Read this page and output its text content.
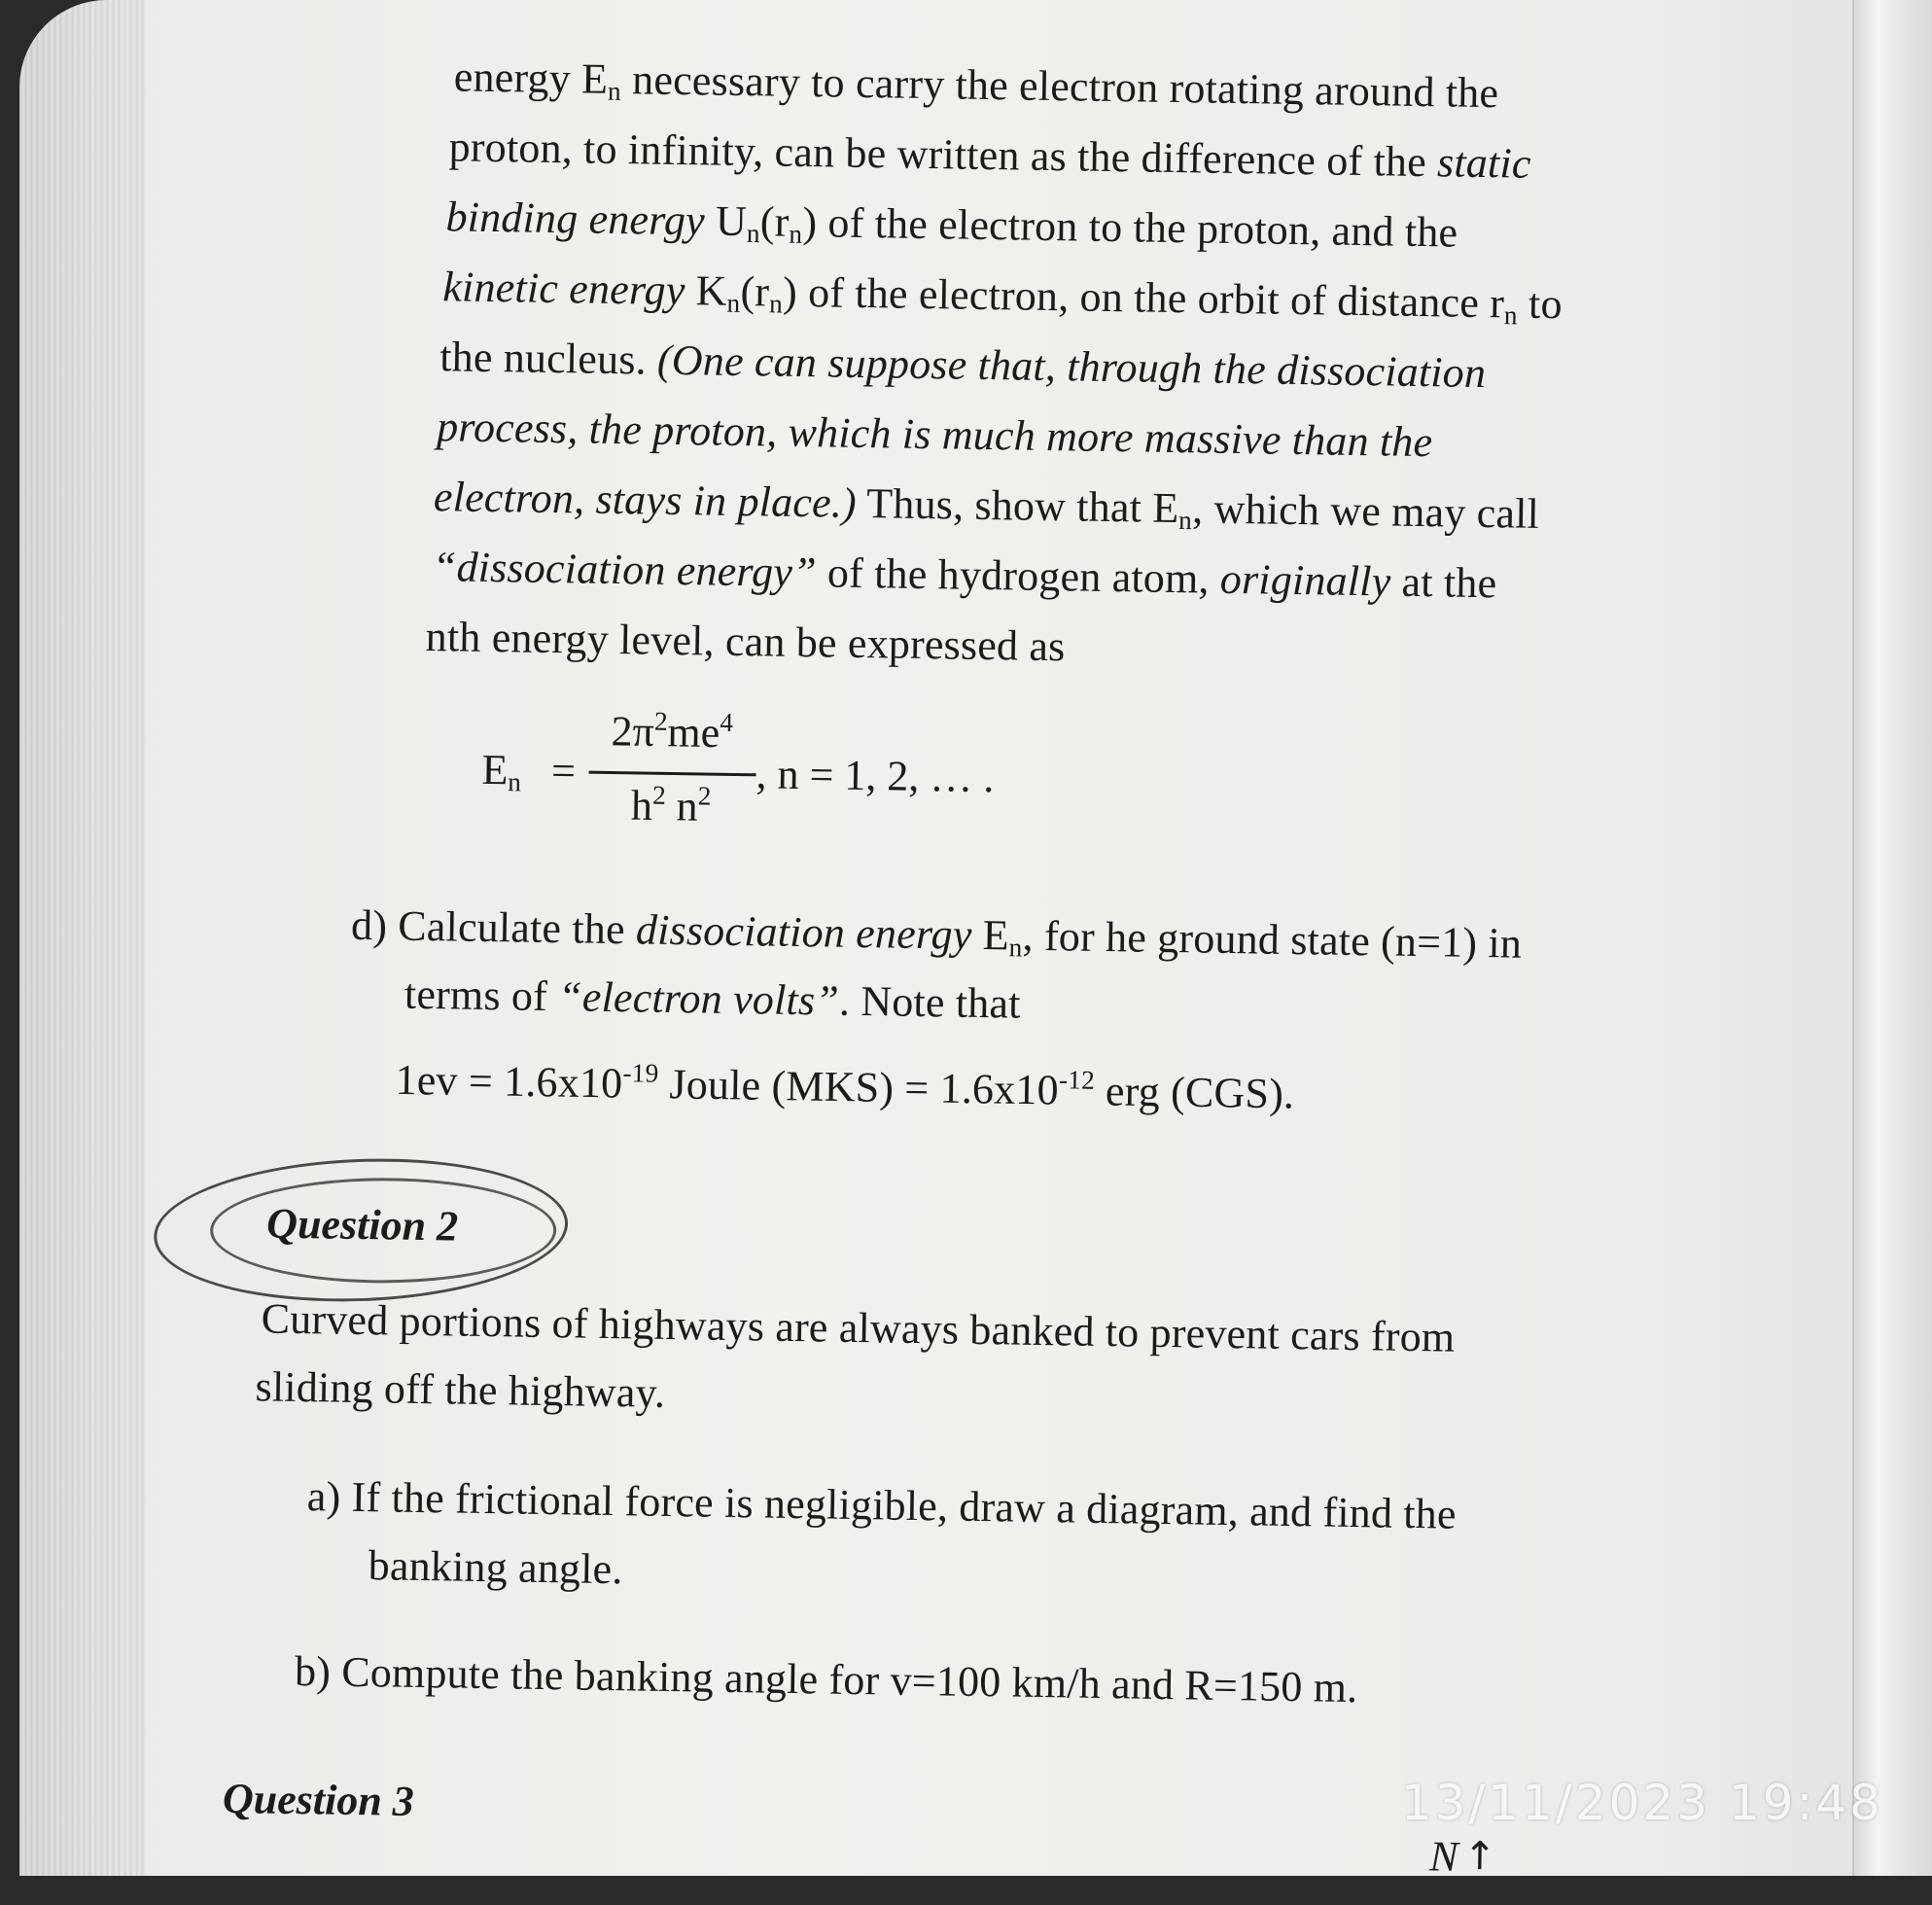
energy $E_n$ necessary to carry the electron rotating around the
proton, to infinity, can be written as the difference of the static
binding energy $U_n(r_n)$ of the electron to the proton, and the
kinetic energy $K_n(r_n)$ of the electron, on the orbit of distance $r_n$ to
the nucleus. (One can suppose that, through the dissociation
process, the proton, which is much more massive than the
electron, stays in place.) Thus, show that $E_n$, which we may call
“dissociation energy” of the hydrogen atom, originally at the
nth energy level, can be expressed as
$E_n$ =
$2\pi^2me^4$
$h^2$ $n^2$	, n = 1, 2, … .
d) Calculate the dissociation energy $E_n$, for he ground state (n=1) in
terms of “electron volts”. Note that
$1ev = 1.6x10^{-19}$ Joule $(MKS) = 1.6x10^{-12}$ erg (CGS).
Question 2
Curved portions of highways are always banked to prevent cars from
sliding off the highway.
a) If the frictional force is negligible, draw a diagram, and find the
banking angle.
b) Compute the banking angle for v=100 km/h and R=150 m.
Question 3
N ↑
13/11/2023 19:48
